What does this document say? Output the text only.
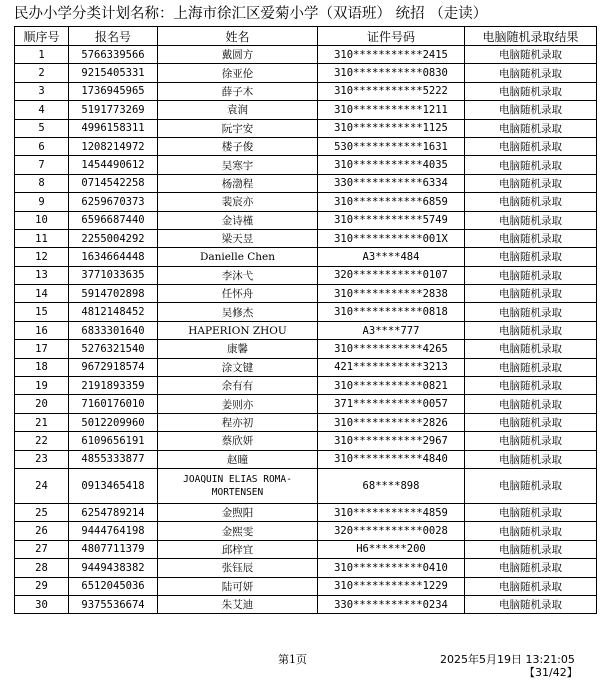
民办小学分类计划名称：上海市徐汇区爱菊小学（双语班） 统招 （走读）
顺序号	报名号	姓名	证件号码	电脑随机录取结果
1	5766339566	戴圆方	310***********2415	电脑随机录取
2	9215405331	徐亚伦	310***********0830	电脑随机录取
3	1736945965	薛子木	310***********5222	电脑随机录取
4	5191773269	袁润	310***********1211	电脑随机录取
5	4996158311	阮宇安	310***********1125	电脑随机录取
6	1208214972	楼子俊	530***********1631	电脑随机录取
7	1454490612	吴寒宇	310***********4035	电脑随机录取
8	0714542258	杨渤程	330***********6334	电脑随机录取
9	6259670373	裴宸亦	310***********6859	电脑随机录取
10	6596687440	金诗槿	310***********5749	电脑随机录取
11	2255004292	梁天昱	310***********001X	电脑随机录取
12	1634664448	Danielle Chen	A3****484	电脑随机录取
13	3771033635	李沐弋	320***********0107	电脑随机录取
14	5914702898	任怀舟	310***********2838	电脑随机录取
15	4812148452	吴修杰	310***********0818	电脑随机录取
16	6833301640	HAPERION ZHOU	A3****777	电脑随机录取
17	5276321540	康馨	310***********4265	电脑随机录取
18	9672918574	涂文键	421***********3213	电脑随机录取
19	2191893359	余有有	310***********0821	电脑随机录取
20	7160176010	姜则亦	371***********0057	电脑随机录取
21	5012209960	程亦初	310***********2826	电脑随机录取
22	6109656191	蔡欣妍	310***********2967	电脑随机录取
23	4855333877	赵曈	310***********4840	电脑随机录取
24	0913465418	JOAQUIN ELIAS ROMA-MORTENSEN	68****898	电脑随机录取
25	6254789214	金煦阳	310***********4859	电脑随机录取
26	9444764198	金熙雯	320***********0028	电脑随机录取
27	4807711379	邱梓宜	H6******200	电脑随机录取
28	9449438382	张钰辰	310***********0410	电脑随机录取
29	6512045036	陆可妍	310***********1229	电脑随机录取
30	9375536674	朱艾迪	330***********0234	电脑随机录取
第1页	2025年5月19日 13:21:05
【31/42】
